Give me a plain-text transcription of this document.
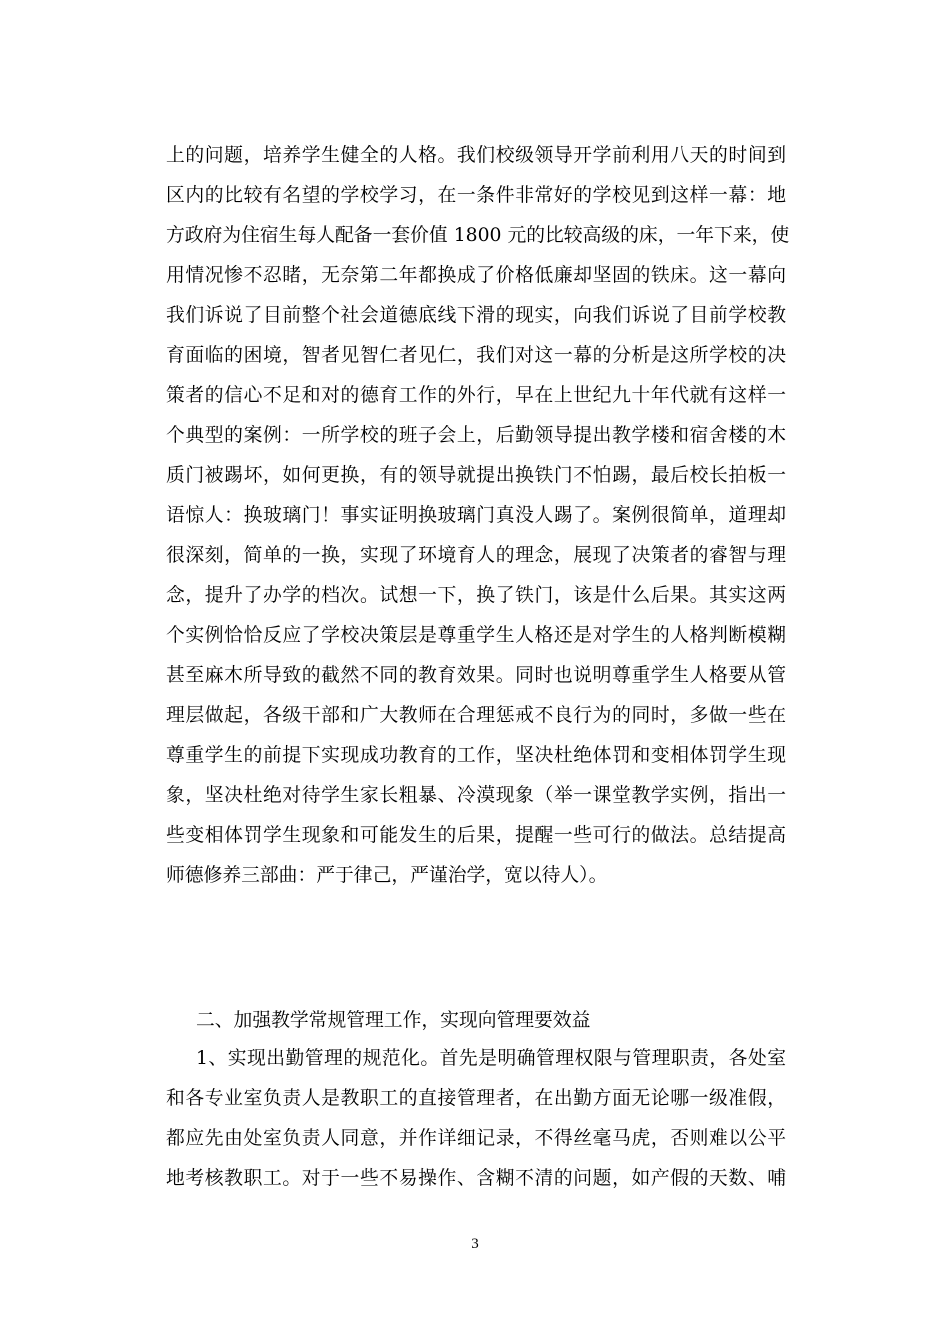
上的问题，培养学生健全的人格。我们校级领导开学前利用八天的时间到
区内的比较有名望的学校学习，在一条件非常好的学校见到这样一幕：地
方政府为住宿生每人配备一套价值 1800 元的比较高级的床，一年下来，使
用情况惨不忍睹，无奈第二年都换成了价格低廉却坚固的铁床。这一幕向
我们诉说了目前整个社会道德底线下滑的现实，向我们诉说了目前学校教
育面临的困境，智者见智仁者见仁，我们对这一幕的分析是这所学校的决
策者的信心不足和对的德育工作的外行，早在上世纪九十年代就有这样一
个典型的案例：一所学校的班子会上，后勤领导提出教学楼和宿舍楼的木
质门被踢坏，如何更换，有的领导就提出换铁门不怕踢，最后校长拍板一
语惊人：换玻璃门！事实证明换玻璃门真没人踢了。案例很简单，道理却
很深刻，简单的一换，实现了环境育人的理念，展现了决策者的睿智与理
念，提升了办学的档次。试想一下，换了铁门，该是什么后果。其实这两
个实例恰恰反应了学校决策层是尊重学生人格还是对学生的人格判断模糊
甚至麻木所导致的截然不同的教育效果。同时也说明尊重学生人格要从管
理层做起，各级干部和广大教师在合理惩戒不良行为的同时，多做一些在
尊重学生的前提下实现成功教育的工作，坚决杜绝体罚和变相体罚学生现
象，坚决杜绝对待学生家长粗暴、冷漠现象（举一课堂教学实例，指出一
些变相体罚学生现象和可能发生的后果，提醒一些可行的做法。总结提高
师德修养三部曲：严于律己，严谨治学，宽以待人）。
二、加强教学常规管理工作，实现向管理要效益
1、实现出勤管理的规范化。首先是明确管理权限与管理职责，各处室
和各专业室负责人是教职工的直接管理者，在出勤方面无论哪一级准假，
都应先由处室负责人同意，并作详细记录，不得丝毫马虎，否则难以公平
地考核教职工。对于一些不易操作、含糊不清的问题，如产假的天数、哺
3
